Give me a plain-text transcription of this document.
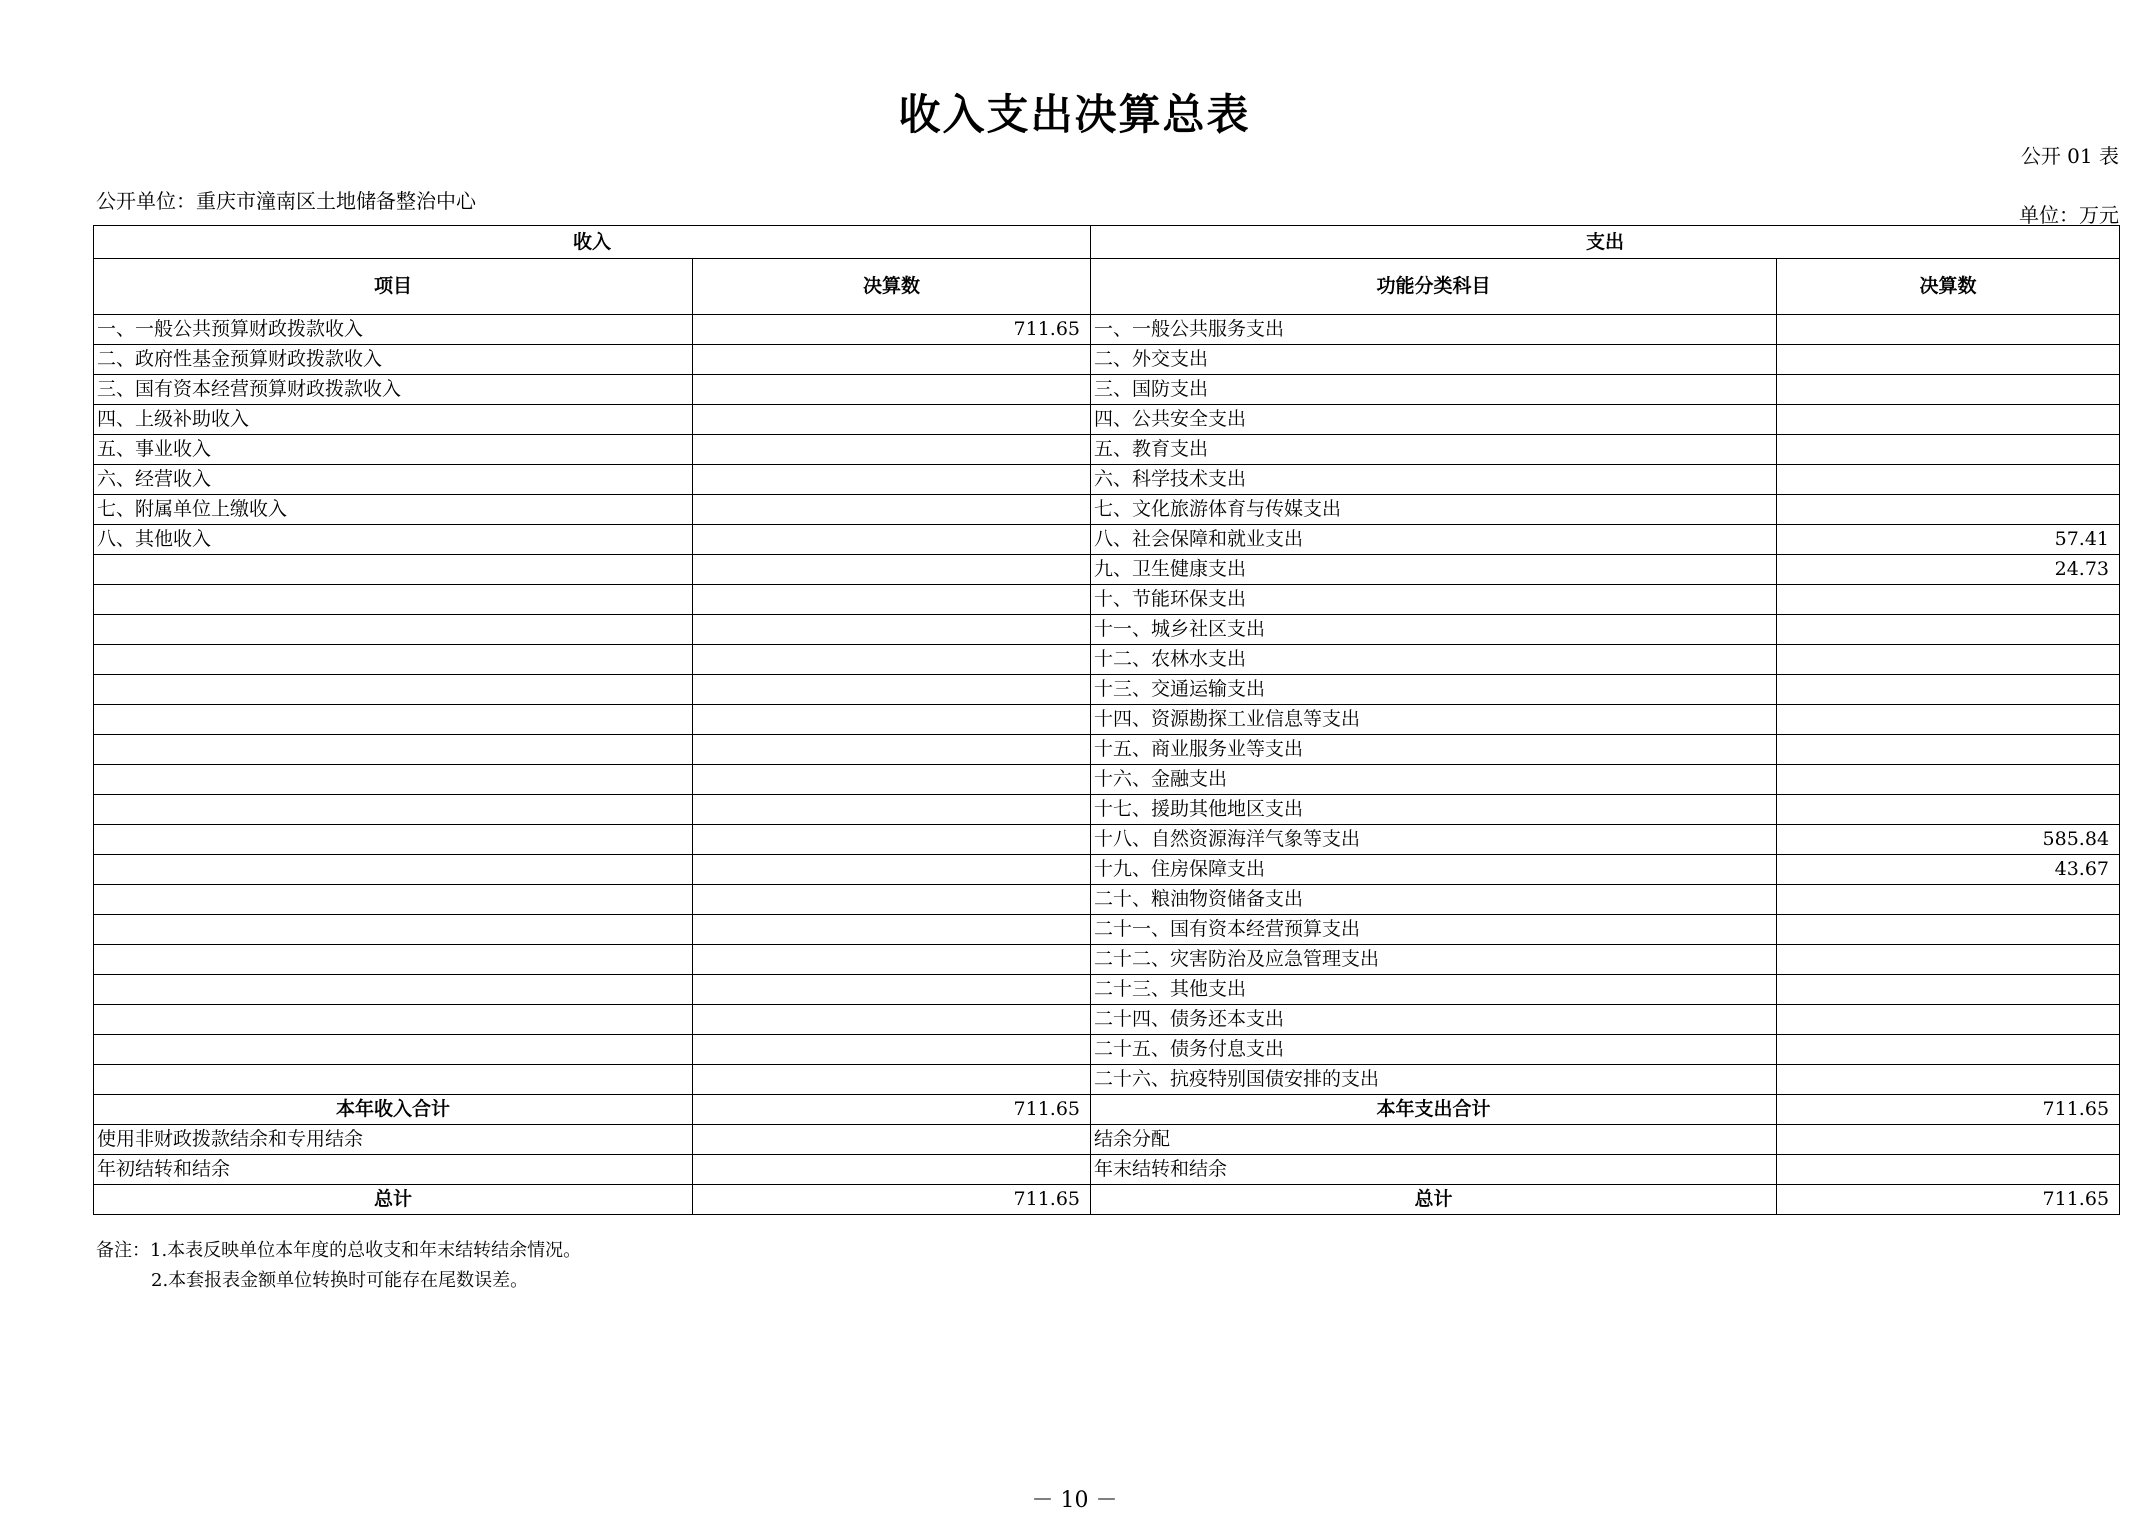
收入支出决算总表
公开 01 表
公开单位：重庆市潼南区土地储备整治中心
单位：万元
收入		支出	
项目	决算数	功能分类科目	决算数
一、一般公共预算财政拨款收入	711.65	一、一般公共服务支出	
二、政府性基金预算财政拨款收入		二、外交支出	
三、国有资本经营预算财政拨款收入		三、国防支出	
四、上级补助收入		四、公共安全支出	
五、事业收入		五、教育支出	
六、经营收入		六、科学技术支出	
七、附属单位上缴收入		七、文化旅游体育与传媒支出	
八、其他收入		八、社会保障和就业支出	57.41
		九、卫生健康支出	24.73
		十、节能环保支出	
		十一、城乡社区支出	
		十二、农林水支出	
		十三、交通运输支出	
		十四、资源勘探工业信息等支出	
		十五、商业服务业等支出	
		十六、金融支出	
		十七、援助其他地区支出	
		十八、自然资源海洋气象等支出	585.84
		十九、住房保障支出	43.67
		二十、粮油物资储备支出	
		二十一、国有资本经营预算支出	
		二十二、灾害防治及应急管理支出	
		二十三、其他支出	
		二十四、债务还本支出	
		二十五、债务付息支出	
		二十六、抗疫特别国债安排的支出	
本年收入合计	711.65	本年支出合计	711.65
使用非财政拨款结余和专用结余		结余分配	
年初结转和结余		年末结转和结余	
总计	711.65	总计	711.65
备注：1.本表反映单位本年度的总收支和年末结转结余情况。
2.本套报表金额单位转换时可能存在尾数误差。
－ 10 －
